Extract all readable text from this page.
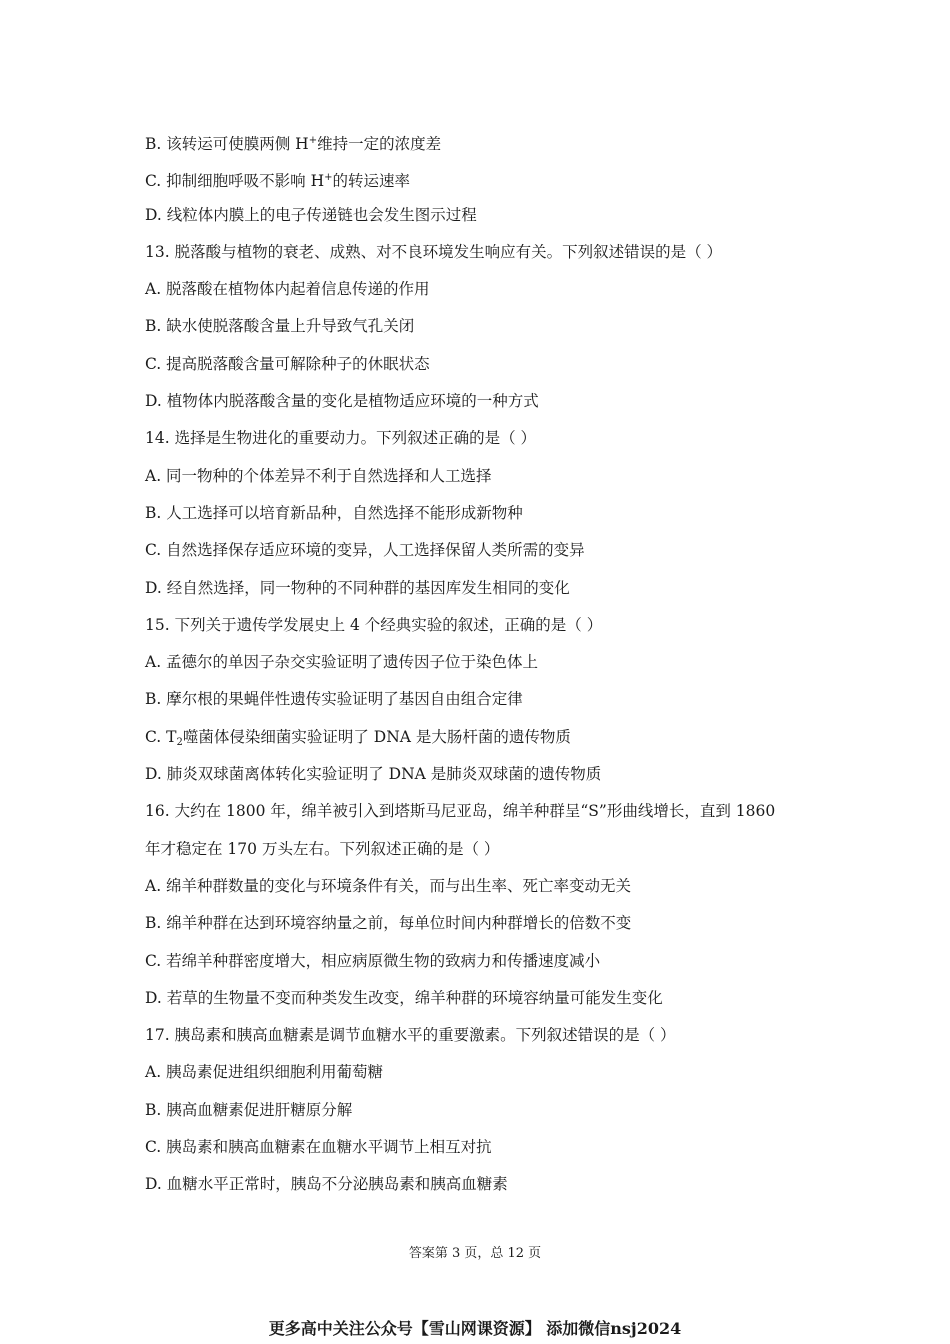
B. 该转运可使膜两侧 H+维持一定的浓度差
C. 抑制细胞呼吸不影响 H+的转运速率
D. 线粒体内膜上的电子传递链也会发生图示过程
13. 脱落酸与植物的衰老、成熟、对不良环境发生响应有关。下列叙述错误的是（ ）
A. 脱落酸在植物体内起着信息传递的作用
B. 缺水使脱落酸含量上升导致气孔关闭
C. 提高脱落酸含量可解除种子的休眠状态
D. 植物体内脱落酸含量的变化是植物适应环境的一种方式
14. 选择是生物进化的重要动力。下列叙述正确的是（ ）
A. 同一物种的个体差异不利于自然选择和人工选择
B. 人工选择可以培育新品种，自然选择不能形成新物种
C. 自然选择保存适应环境的变异，人工选择保留人类所需的变异
D. 经自然选择，同一物种的不同种群的基因库发生相同的变化
15. 下列关于遗传学发展史上 4 个经典实验的叙述，正确的是（ ）
A. 孟德尔的单因子杂交实验证明了遗传因子位于染色体上
B. 摩尔根的果蝇伴性遗传实验证明了基因自由组合定律
C. $T_2$噬菌体侵染细菌实验证明了 DNA 是大肠杆菌的遗传物质
D. 肺炎双球菌离体转化实验证明了 DNA 是肺炎双球菌的遗传物质
16. 大约在 1800 年，绵羊被引入到塔斯马尼亚岛，绵羊种群呈“S”形曲线增长，直到 1860
年才稳定在 170 万头左右。下列叙述正确的是（ ）
A. 绵羊种群数量的变化与环境条件有关，而与出生率、死亡率变动无关
B. 绵羊种群在达到环境容纳量之前，每单位时间内种群增长的倍数不变
C. 若绵羊种群密度增大，相应病原微生物的致病力和传播速度减小
D. 若草的生物量不变而种类发生改变，绵羊种群的环境容纳量可能发生变化
17. 胰岛素和胰高血糖素是调节血糖水平的重要激素。下列叙述错误的是（ ）
A. 胰岛素促进组织细胞利用葡萄糖
B. 胰高血糖素促进肝糖原分解
C. 胰岛素和胰高血糖素在血糖水平调节上相互对抗
D. 血糖水平正常时，胰岛不分泌胰岛素和胰高血糖素
答案第 3 页，总 12 页
更多高中关注公众号【雪山网课资源】 添加微信nsj2024
